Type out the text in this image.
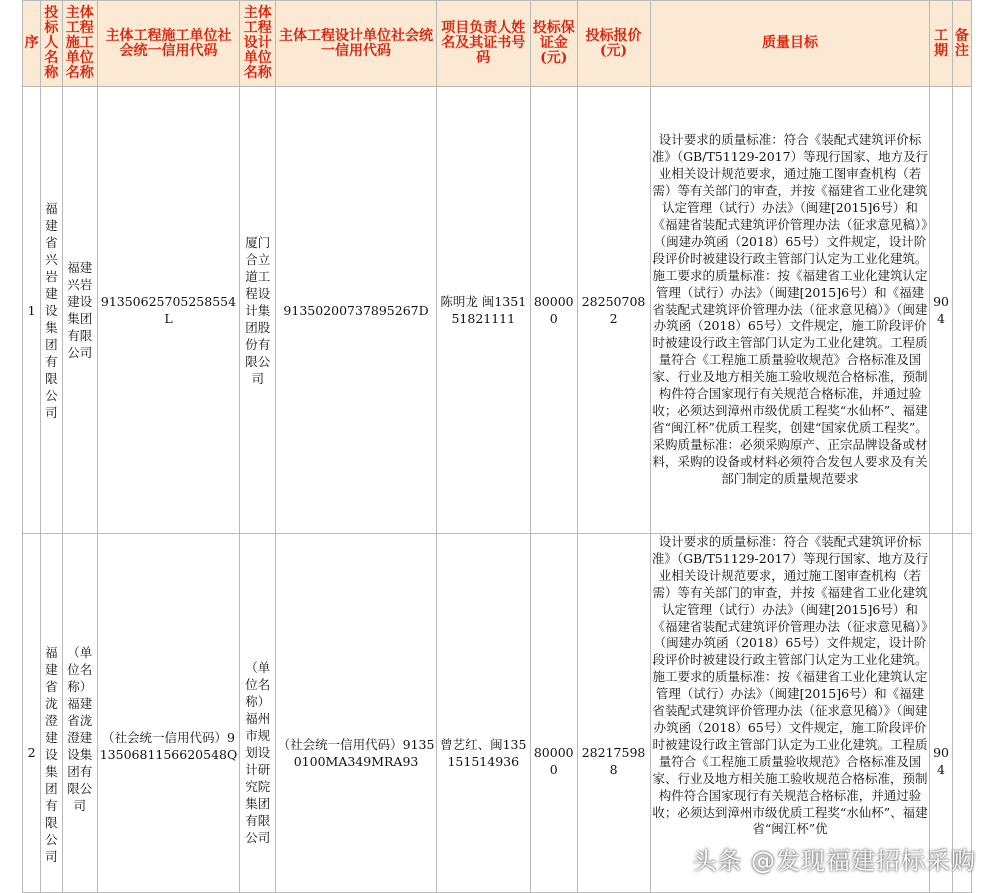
序	投标人名称	主体工程施工单位名称	主体工程施工单位社会统一信用代码	主体工程设计单位名称	主体工程设计单位社会统一信用代码	项目负责人姓名及其证书号码	投标保证金(元)	投标报价(元)	质量目标	工期	备注
1	福建省兴岩建设集团有限公司	福建兴岩建设集团有限公司	91350625705258554L	厦门合立道工程设计集团股份有限公司	91350200737895267D	陈明龙 闽135151821111	800000	282507082	设计要求的质量标准：符合《装配式建筑评价标准》（GB/T51129-2017）等现行国家、地方及行业相关设计规范要求，通过施工图审查机构（若需）等有关部门的审查，并按《福建省工业化建筑认定管理（试行）办法》（闽建[2015]6号）和《福建省装配式建筑评价管理办法（征求意见稿）》（闽建办筑函（2018）65号）文件规定，设计阶段评价时被建设行政主管部门认定为工业化建筑。施工要求的质量标准：按《福建省工业化建筑认定管理（试行）办法》（闽建[2015]6号）和《福建省装配式建筑评价管理办法（征求意见稿）》（闽建办筑函（2018）65号）文件规定，施工阶段评价时被建设行政主管部门认定为工业化建筑。工程质量符合《工程施工质量验收规范》合格标准及国家、行业及地方相关施工验收规范合格标准，预制构件符合国家现行有关规范合格标准，并通过验收；必须达到漳州市级优质工程奖“水仙杯”、福建省“闽江杯”优质工程奖，创建“国家优质工程奖”。采购质量标准：必须采购原产、正宗品牌设备或材料，采购的设备或材料必须符合发包人要求及有关部门制定的质量规范要求	904	

2	福建省泷澄建设集团有限公司	（单位名称）福建省泷澄建设集团有限公司	（社会统一信用代码）91350681156620548Q	（单位名称）福州市规划设计研究院集团有限公司	（社会统一信用代码）91350100MA349MRA93	曾艺红、闽135151514936	800000	282175988	设计要求的质量标准：符合《装配式建筑评价标准》（GB/T51129-2017）等现行国家、地方及行业相关设计规范要求，通过施工图审查机构（若需）等有关部门的审查，并按《福建省工业化建筑认定管理（试行）办法》（闽建[2015]6号）和《福建省装配式建筑评价管理办法（征求意见稿）》（闽建办筑函（2018）65号）文件规定，设计阶段评价时被建设行政主管部门认定为工业化建筑。施工要求的质量标准：按《福建省工业化建筑认定管理（试行）办法》（闽建[2015]6号）和《福建省装配式建筑评价管理办法（征求意见稿）》（闽建办筑函（2018）65号）文件规定，施工阶段评价时被建设行政主管部门认定为工业化建筑。工程质量符合《工程施工质量验收规范》合格标准及国家、行业及地方相关施工验收规范合格标准，预制构件符合国家现行有关规范合格标准，并通过验收；必须达到漳州市级优质工程奖“水仙杯”、福建省“闽江杯”优	904	

头条 @发现福建招标采购
